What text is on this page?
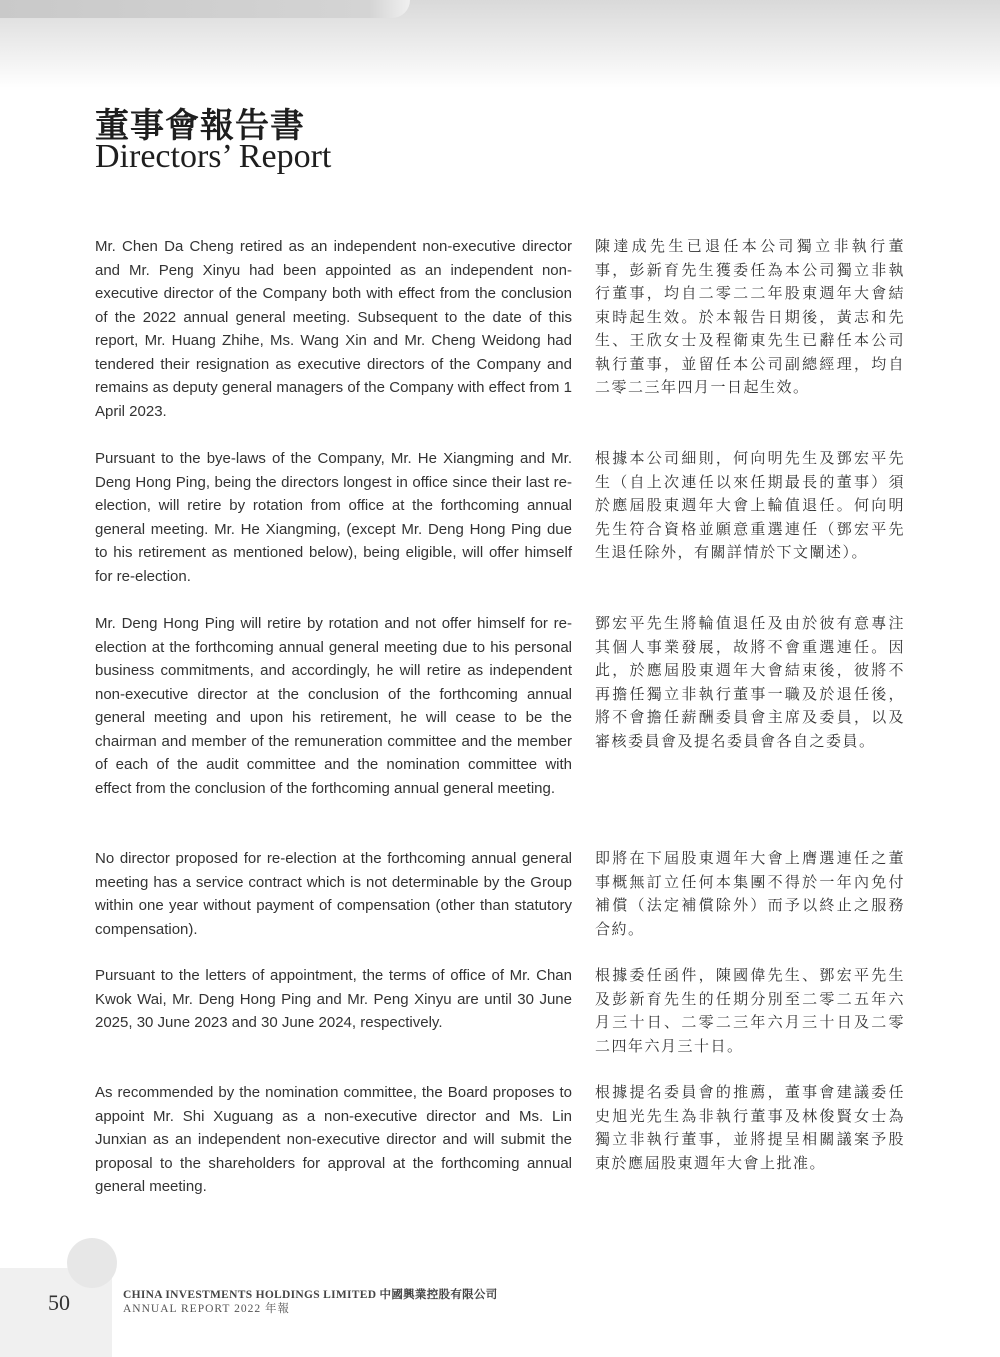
董事會報告書
Directors’ Report

Mr. Chen Da Cheng retired as an independent non-executive director and Mr. Peng Xinyu had been appointed as an independent non-executive director of the Company both with effect from the conclusion of the 2022 annual general meeting. Subsequent to the date of this report, Mr. Huang Zhihe, Ms. Wang Xin and Mr. Cheng Weidong had tendered their resignation as executive directors of the Company and remains as deputy general managers of the Company with effect from 1 April 2023.

陳達成先生已退任本公司獨立非執行董事，彭新育先生獲委任為本公司獨立非執行董事，均自二零二二年股東週年大會結束時起生效。於本報告日期後，黃志和先生、王欣女士及程衛東先生已辭任本公司執行董事，並留任本公司副總經理，均自二零二三年四月一日起生效。

Pursuant to the bye-laws of the Company, Mr. He Xiangming and Mr. Deng Hong Ping, being the directors longest in office since their last re-election, will retire by rotation from office at the forthcoming annual general meeting. Mr. He Xiangming, (except Mr. Deng Hong Ping due to his retirement as mentioned below), being eligible, will offer himself for re-election.

根據本公司細則，何向明先生及鄧宏平先生（自上次連任以來任期最長的董事）須於應屆股東週年大會上輪值退任。何向明先生符合資格並願意重選連任（鄧宏平先生退任除外，有關詳情於下文闡述）。

Mr. Deng Hong Ping will retire by rotation and not offer himself for re-election at the forthcoming annual general meeting due to his personal business commitments, and accordingly, he will retire as independent non-executive director at the conclusion of the forthcoming annual general meeting and upon his retirement, he will cease to be the chairman and member of the remuneration committee and the member of each of the audit committee and the nomination committee with effect from the conclusion of the forthcoming annual general meeting.

鄧宏平先生將輪值退任及由於彼有意專注其個人事業發展，故將不會重選連任。因此，於應屆股東週年大會結束後，彼將不再擔任獨立非執行董事一職及於退任後，將不會擔任薪酬委員會主席及委員，以及審核委員會及提名委員會各自之委員。

No director proposed for re-election at the forthcoming annual general meeting has a service contract which is not determinable by the Group within one year without payment of compensation (other than statutory compensation).

即將在下屆股東週年大會上膺選連任之董事概無訂立任何本集團不得於一年內免付補償（法定補償除外）而予以終止之服務合約。

Pursuant to the letters of appointment, the terms of office of Mr. Chan Kwok Wai, Mr. Deng Hong Ping and Mr. Peng Xinyu are until 30 June 2025, 30 June 2023 and 30 June 2024, respectively.

根據委任函件，陳國偉先生、鄧宏平先生及彭新育先生的任期分別至二零二五年六月三十日、二零二三年六月三十日及二零二四年六月三十日。

As recommended by the nomination committee, the Board proposes to appoint Mr. Shi Xuguang as a non-executive director and Ms. Lin Junxian as an independent non-executive director and will submit the proposal to the shareholders for approval at the forthcoming annual general meeting.

根據提名委員會的推薦，董事會建議委任史旭光先生為非執行董事及林俊賢女士為獨立非執行董事，並將提呈相關議案予股東於應屆股東週年大會上批准。

50	CHINA INVESTMENTS HOLDINGS LIMITED 中國興業控股有限公司
ANNUAL REPORT 2022 年報
